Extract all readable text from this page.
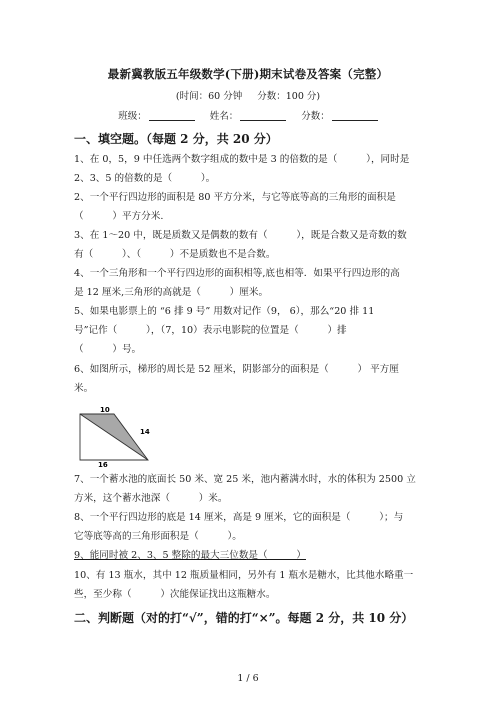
最新冀教版五年级数学(下册)期末试卷及答案（完整）
(时间：60 分钟 分数：100 分)
班级：	姓名：	分数：
一、填空题。（每题 2 分，共 20 分）
1、在 0，5，9 中任选两个数字组成的数中是 3 的倍数的是（　　　），同时是
2、3、5 的倍数的是（　　　）。
2、一个平行四边形的面积是 80 平方分米，与它等底等高的三角形的面积是
（　　　）平方分米.
3、在 1～20 中，既是质数又是偶数的数有（　　　），既是合数又是奇数的数
有（　　　）、（　　　）不是质数也不是合数。
4、一个三角形和一个平行四边形的面积相等,底也相等．如果平行四边形的高
是 12 厘米,三角形的高就是（　　　）厘米。
5、如果电影票上的 “6 排 9 号” 用数对记作（9， 6），那么“20 排 11
号”记作（　　　），（7，10）表示电影院的位置是（　　　）排
（　　　）号。
6、如图所示，梯形的周长是 52 厘米，阴影部分的面积是（　　　） 平方厘
米。
10
14
16
7、一个蓄水池的底面长 50 米、宽 25 米，池内蓄满水时，水的体积为 2500 立
方米，这个蓄水池深（　　　）米。
8、一个平行四边形的底是 14 厘米，高是 9 厘米，它的面积是（　　　）；与
它等底等高的三角形面积是（　　　）。
9、能同时被 2、3、5 整除的最大三位数是（　　　）
10、有 13 瓶水，其中 12 瓶质量相同，另外有 1 瓶水是糖水，比其他水略重一
些，至少称（　　　）次能保证找出这瓶糖水。
二、判断题（对的打“√”，错的打“×”。每题 2 分，共 10 分）
1 / 6
